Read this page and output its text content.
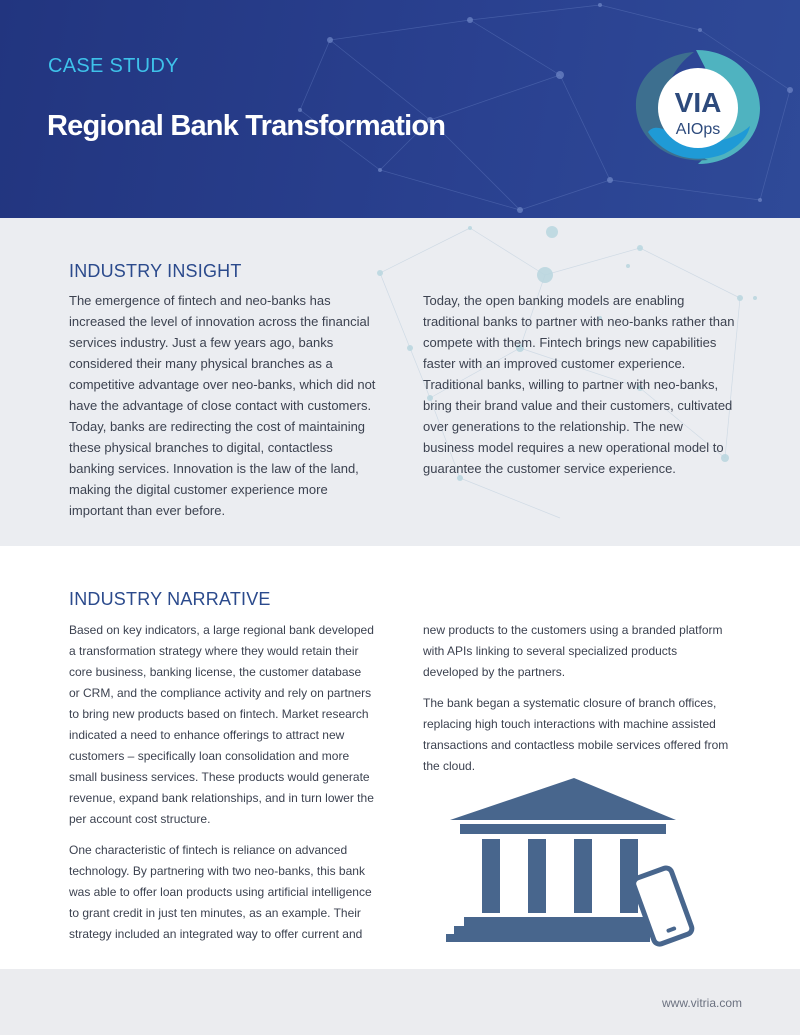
CASE STUDY
Regional Bank Transformation
VIA
AIOps
INDUSTRY INSIGHT
The emergence of fintech and neo-banks has increased the level of innovation across the financial services industry. Just a few years ago, banks considered their many physical branches as a competitive advantage over neo-banks, which did not have the advantage of close contact with customers. Today, banks are redirecting the cost of maintaining these physical branches to digital, contactless banking services. Innovation is the law of the land, making the digital customer experience more important than ever before.
Today, the open banking models are enabling traditional banks to partner with neo-banks rather than compete with them. Fintech brings new capabilities faster with an improved customer experience. Traditional banks, willing to partner with neo-banks, bring their brand value and their customers, cultivated over generations to the relationship. The new business model requires a new operational model to guarantee the customer service experience.
INDUSTRY NARRATIVE

Based on key indicators, a large regional bank developed a transformation strategy where they would retain their core business, banking license, the customer database or CRM, and the compliance activity and rely on partners to bring new products based on fintech. Market research indicated a need to enhance offerings to attract new customers – specifically loan consolidation and more small business services. These products would generate revenue, expand bank relationships, and in turn lower the per account cost structure.

One characteristic of fintech is reliance on advanced technology. By partnering with two neo-banks, this bank was able to offer loan products using artificial intelligence to grant credit in just ten minutes, as an example. Their strategy included an integrated way to offer current and

new products to the customers using a branded platform with APIs linking to several specialized products developed by the partners.

The bank began a systematic closure of branch offices, replacing high touch interactions with machine assisted transactions and contactless mobile services offered from the cloud.

www.vitria.com
